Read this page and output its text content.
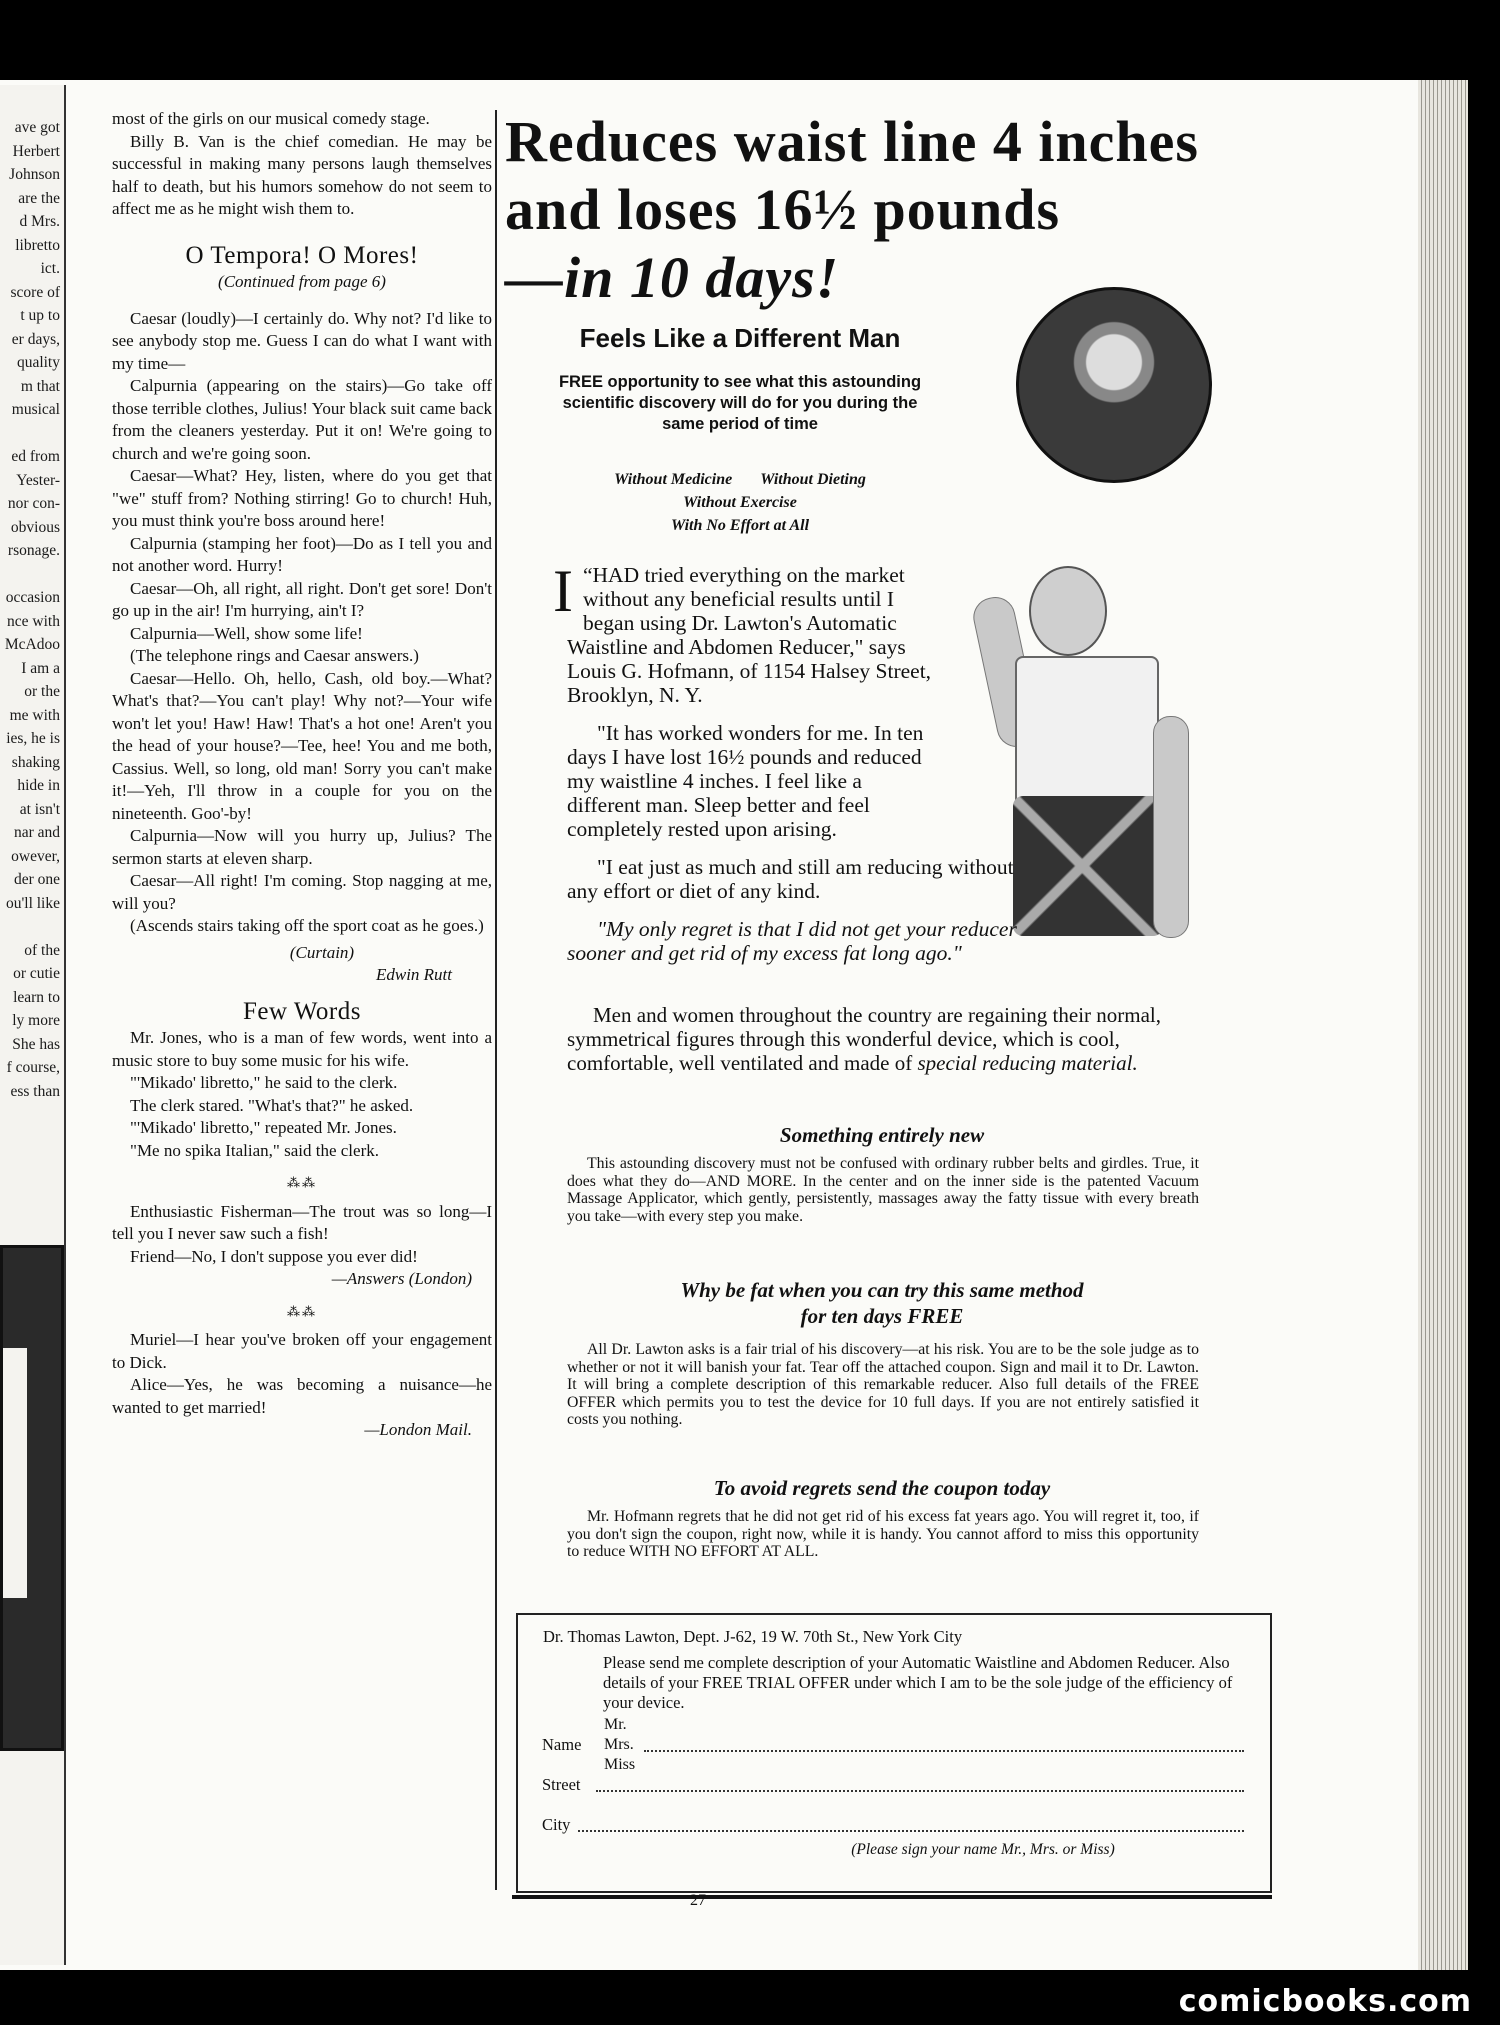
ave got
Herbert
Johnson
are the
d Mrs.
libretto
ict.
score of
t up to
er days,
quality
m that
musical
ed from
Yester-
nor con-
obvious
rsonage.
occasion
nce with
McAdoo
I am a
or the
me with
ies, he is
shaking
hide in
at isn't
nar and
owever,
der one
ou'll like
of the
or cutie
learn to
ly more
She has
f course,
ess than

most of the girls on our musical comedy stage.

Billy B. Van is the chief comedian. He may be successful in making many persons laugh themselves half to death, but his humors somehow do not seem to affect me as he might wish them to.

O Tempora! O Mores!
(Continued from page 6)

Caesar (loudly)—I certainly do. Why not? I'd like to see anybody stop me. Guess I can do what I want with my time—

Calpurnia (appearing on the stairs)—Go take off those terrible clothes, Julius! Your black suit came back from the cleaners yesterday. Put it on! We're going to church and we're going soon.

Caesar—What? Hey, listen, where do you get that "we" stuff from? Nothing stirring! Go to church! Huh, you must think you're boss around here!

Calpurnia (stamping her foot)—Do as I tell you and not another word. Hurry!

Caesar—Oh, all right, all right. Don't get sore! Don't go up in the air! I'm hurrying, ain't I?

Calpurnia—Well, show some life!

(The telephone rings and Caesar answers.)

Caesar—Hello. Oh, hello, Cash, old boy.—What? What's that?—You can't play! Why not?—Your wife won't let you! Haw! Haw! That's a hot one! Aren't you the head of your house?—Tee, hee! You and me both, Cassius. Well, so long, old man! Sorry you can't make it!—Yeh, I'll throw in a couple for you on the nineteenth. Goo'-by!

Calpurnia—Now will you hurry up, Julius? The sermon starts at eleven sharp.

Caesar—All right! I'm coming. Stop nagging at me, will you?

(Ascends stairs taking off the sport coat as he goes.)

(Curtain)
Edwin Rutt
Few Words

Mr. Jones, who is a man of few words, went into a music store to buy some music for his wife.

"'Mikado' libretto," he said to the clerk.

The clerk stared. "What's that?" he asked.

"'Mikado' libretto," repeated Mr. Jones.

"Me no spika Italian," said the clerk.

⁂⁂

Enthusiastic Fisherman—The trout was so long—I tell you I never saw such a fish!

Friend—No, I don't suppose you ever did!

—Answers (London)
⁂⁂

Muriel—I hear you've broken off your engagement to Dick.

Alice—Yes, he was becoming a nuisance—he wanted to get married!

—London Mail.
Reduces waist line 4 inches
and loses 16½ pounds
—in 10 days!
Feels Like a Different Man
FREE opportunity to see what this astounding scientific discovery will do for you during the same period of time
Without Medicine Without Dieting
Without Exercise
With No Effort at All

“
I HAD tried everything on the market without any beneficial results until I began using Dr. Lawton's Automatic Waistline and Abdomen Reducer," says Louis G. Hofmann, of 1154 Halsey Street, Brooklyn, N. Y.

"It has worked wonders for me. In ten days I have lost 16½ pounds and reduced my waistline 4 inches. I feel like a different man. Sleep better and feel completely rested upon arising.

"I eat just as much and still am reducing without any effort or diet of any kind.

"My only regret is that I did not get your reducer sooner and get rid of my excess fat long ago."

Men and women throughout the country are regaining their normal, symmetrical figures through this wonderful device, which is cool, comfortable, well ventilated and made of special reducing material.
Something entirely new
This astounding discovery must not be confused with ordinary rubber belts and girdles. True, it does what they do—AND MORE. In the center and on the inner side is the patented Vacuum Massage Applicator, which gently, persistently, massages away the fatty tissue with every breath you take—with every step you make.
Why be fat when you can try this same method
for ten days FREE
All Dr. Lawton asks is a fair trial of his discovery—at his risk. You are to be the sole judge as to whether or not it will banish your fat. Tear off the attached coupon. Sign and mail it to Dr. Lawton. It will bring a complete description of this remarkable reducer. Also full details of the FREE OFFER which permits you to test the device for 10 full days. If you are not entirely satisfied it costs you nothing.
To avoid regrets send the coupon today
Mr. Hofmann regrets that he did not get rid of his excess fat years ago. You will regret it, too, if you don't sign the coupon, right now, while it is handy. You cannot afford to miss this opportunity to reduce WITH NO EFFORT AT ALL.
Dr. Thomas Lawton, Dept. J-62, 19 W. 70th St., New York City
Please send me complete description of your Automatic Waistline and Abdomen Reducer. Also details of your FREE TRIAL OFFER under which I am to be the sole judge of the efficiency of your device.
Mr.
Mrs.
Miss
Name
Street
City
(Please sign your name Mr., Mrs. or Miss)
27
comicbooks.com
